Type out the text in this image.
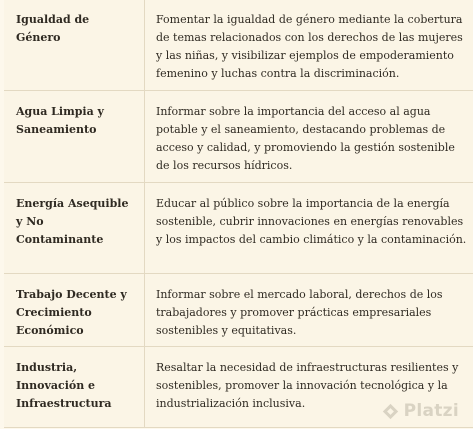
Igualdad de Género
Fomentar la igualdad de género mediante la cobertura de temas relacionados con los derechos de las mujeres y las niñas, y visibilizar ejemplos de empoderamiento femenino y luchas contra la discriminación.
Agua Limpia y Saneamiento
Informar sobre la importancia del acceso al agua potable y el saneamiento, destacando problemas de acceso y calidad, y promoviendo la gestión sostenible de los recursos hídricos.
Energía Asequible y No Contaminante
Educar al público sobre la importancia de la energía sostenible, cubrir innovaciones en energías renovables y los impactos del cambio climático y la contaminación.
Trabajo Decente y Crecimiento Económico
Informar sobre el mercado laboral, derechos de los trabajadores y promover prácticas empresariales sostenibles y equitativas.
Industria, Innovación e Infraestructura
Resaltar la necesidad de infraestructuras resilientes y sostenibles, promover la innovación tecnológica y la industrialización inclusiva.	Platzi
